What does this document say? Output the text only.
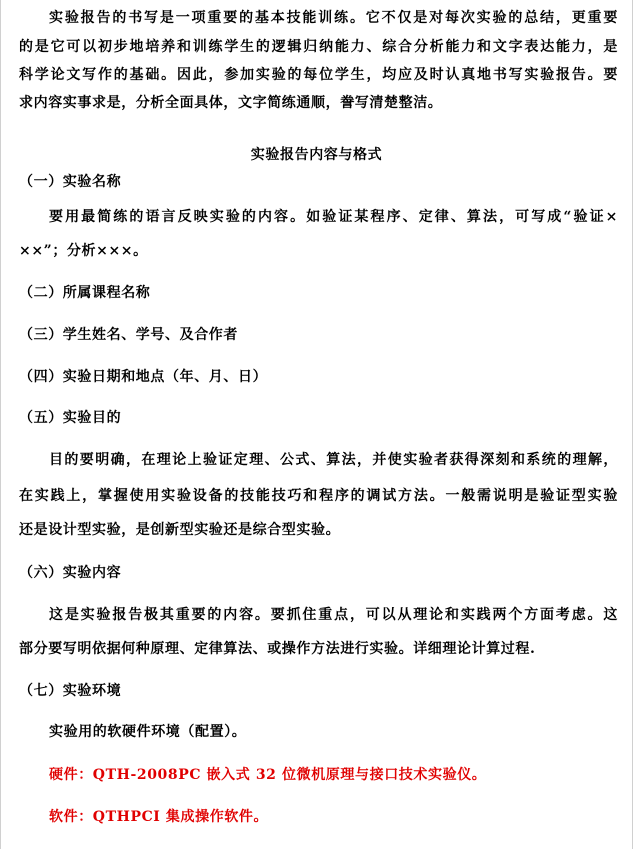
实验报告的书写是一项重要的基本技能训练。它不仅是对每次实验的总结，更重要
的是它可以初步地培养和训练学生的逻辑归纳能力、综合分析能力和文字表达能力，是
科学论文写作的基础。因此，参加实验的每位学生，均应及时认真地书写实验报告。要
求内容实事求是，分析全面具体，文字简练通顺，誊写清楚整洁。
实验报告内容与格式
（一）实验名称
要用最简练的语言反映实验的内容。如验证某程序、定律、算法，可写成“验证×
××”；分析×××。
（二）所属课程名称
（三）学生姓名、学号、及合作者
（四）实验日期和地点（年、月、日）
（五）实验目的
目的要明确，在理论上验证定理、公式、算法，并使实验者获得深刻和系统的理解，
在实践上，掌握使用实验设备的技能技巧和程序的调试方法。一般需说明是验证型实验
还是设计型实验，是创新型实验还是综合型实验。
（六）实验内容
这是实验报告极其重要的内容。要抓住重点，可以从理论和实践两个方面考虑。这
部分要写明依据何种原理、定律算法、或操作方法进行实验。详细理论计算过程.
（七）实验环境
实验用的软硬件环境（配置）。
硬件：QTH-2008PC 嵌入式 32 位微机原理与接口技术实验仪。
软件：QTHPCI 集成操作软件。
